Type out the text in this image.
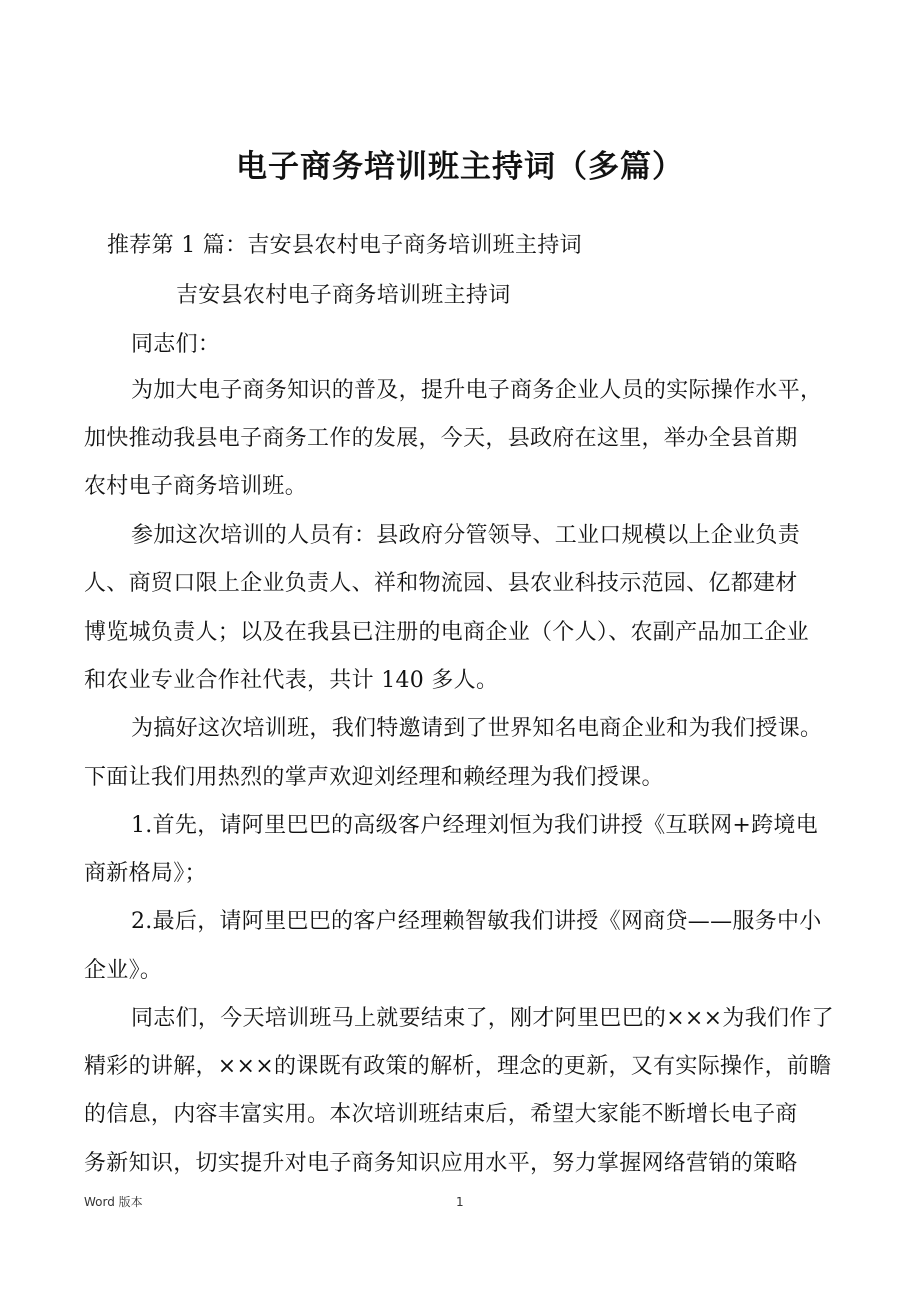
电子商务培训班主持词（多篇）
推荐第 1 篇：吉安县农村电子商务培训班主持词
吉安县农村电子商务培训班主持词
同志们：
为加大电子商务知识的普及，提升电子商务企业人员的实际操作水平，
加快推动我县电子商务工作的发展，今天，县政府在这里，举办全县首期
农村电子商务培训班。
参加这次培训的人员有：县政府分管领导、工业口规模以上企业负责
人、商贸口限上企业负责人、祥和物流园、县农业科技示范园、亿都建材
博览城负责人；以及在我县已注册的电商企业（个人）、农副产品加工企业
和农业专业合作社代表，共计 140 多人。
为搞好这次培训班，我们特邀请到了世界知名电商企业和为我们授课。
下面让我们用热烈的掌声欢迎刘经理和赖经理为我们授课。
1.首先，请阿里巴巴的高级客户经理刘恒为我们讲授《互联网+跨境电
商新格局》；
2.最后，请阿里巴巴的客户经理赖智敏我们讲授《网商贷——服务中小
企业》。
同志们，今天培训班马上就要结束了，刚才阿里巴巴的×××为我们作了
精彩的讲解，×××的课既有政策的解析，理念的更新，又有实际操作，前瞻
的信息，内容丰富实用。本次培训班结束后，希望大家能不断增长电子商
务新知识，切实提升对电子商务知识应用水平，努力掌握网络营销的策略
Word 版本	1
